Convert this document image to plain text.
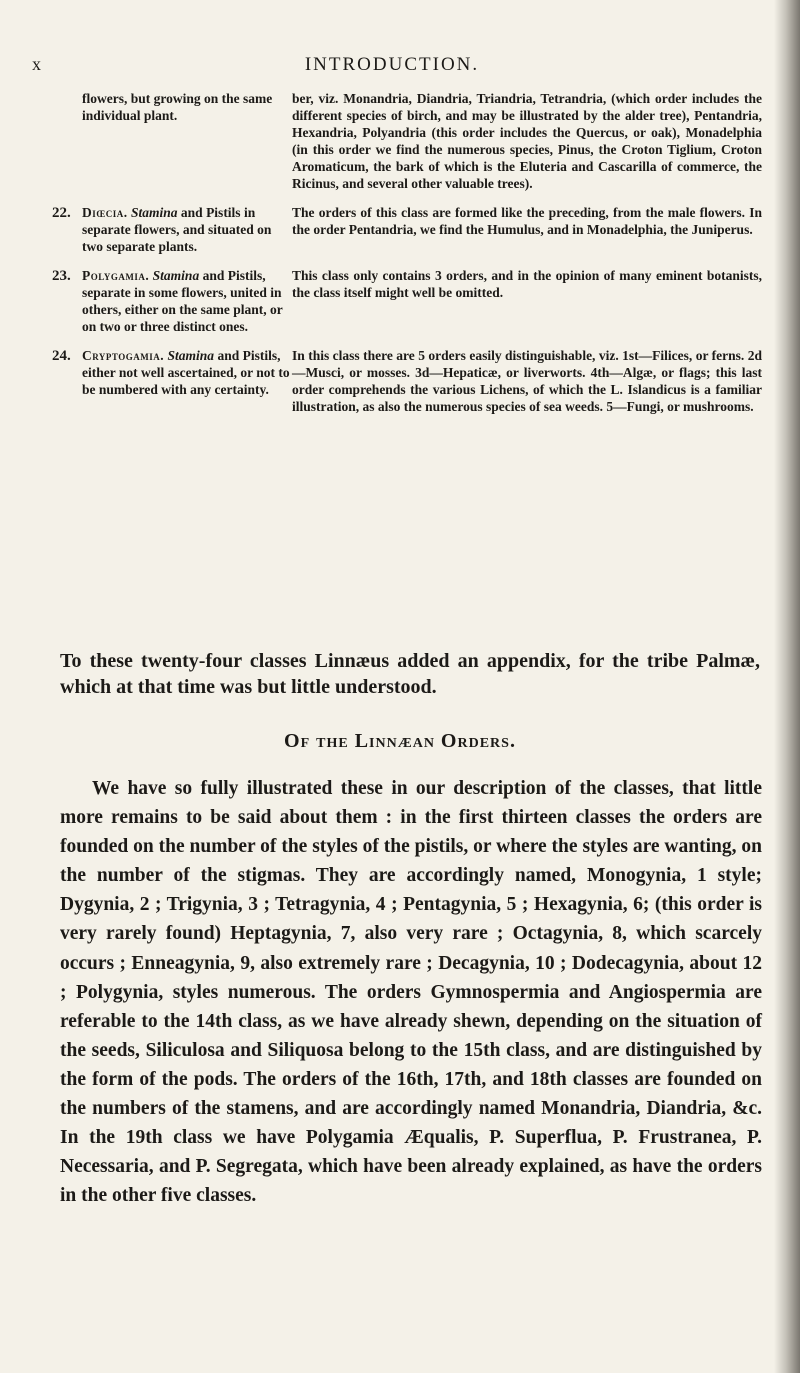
x	INTRODUCTION.
flowers, but growing on the same individual plant.
ber, viz. Monandria, Diandria, Triandria, Tetrandria, (which order includes the different species of birch, and may be illustrated by the alder tree), Pentandria, Hexandria, Polyandria (this order includes the Quercus, or oak), Monadelphia (in this order we find the numerous species, Pinus, the Croton Tiglium, Croton Aromaticum, the bark of which is the Eluteria and Cascarilla of commerce, the Ricinus, and several other valuable trees).
22. Diœcia. Stamina and Pistils in separate flowers, and situated on two separate plants.
The orders of this class are formed like the preceding, from the male flowers. In the order Pentandria, we find the Humulus, and in Monadelphia, the Juniperus.
23. Polygamia. Stamina and Pistils, separate in some flowers, united in others, either on the same plant, or on two or three distinct ones.
This class only contains 3 orders, and in the opinion of many eminent botanists, the class itself might well be omitted.
24. Cryptogamia. Stamina and Pistils, either not well ascertained, or not to be numbered with any certainty.
In this class there are 5 orders easily distinguishable, viz. 1st—Filices, or ferns. 2d—Musci, or mosses. 3d—Hepaticæ, or liverworts. 4th—Algæ, or flags; this last order comprehends the various Lichens, of which the L. Islandicus is a familiar illustration, as also the numerous species of sea weeds. 5—Fungi, or mushrooms.
To these twenty-four classes Linnæus added an appendix, for the tribe Palmæ, which at that time was but little understood.
Of the Linnæan Orders.
We have so fully illustrated these in our description of the classes, that little more remains to be said about them : in the first thirteen classes the orders are founded on the number of the styles of the pistils, or where the styles are wanting, on the number of the stigmas. They are accordingly named, Monogynia, 1 style; Dygynia, 2 ; Trigynia, 3 ; Tetragynia, 4 ; Pentagynia, 5 ; Hexagynia, 6; (this order is very rarely found) Heptagynia, 7, also very rare ; Octagynia, 8, which scarcely occurs ; Enneagynia, 9, also extremely rare ; Decagynia, 10 ; Dodecagynia, about 12 ; Polygynia, styles numerous. The orders Gymnospermia and Angiospermia are referable to the 14th class, as we have already shewn, depending on the situation of the seeds, Siliculosa and Siliquosa belong to the 15th class, and are distinguished by the form of the pods. The orders of the 16th, 17th, and 18th classes are founded on the numbers of the stamens, and are accordingly named Monandria, Diandria, &c. In the 19th class we have Polygamia Æqualis, P. Superflua, P. Frustranea, P. Necessaria, and P. Segregata, which have been already explained, as have the orders in the other five classes.
